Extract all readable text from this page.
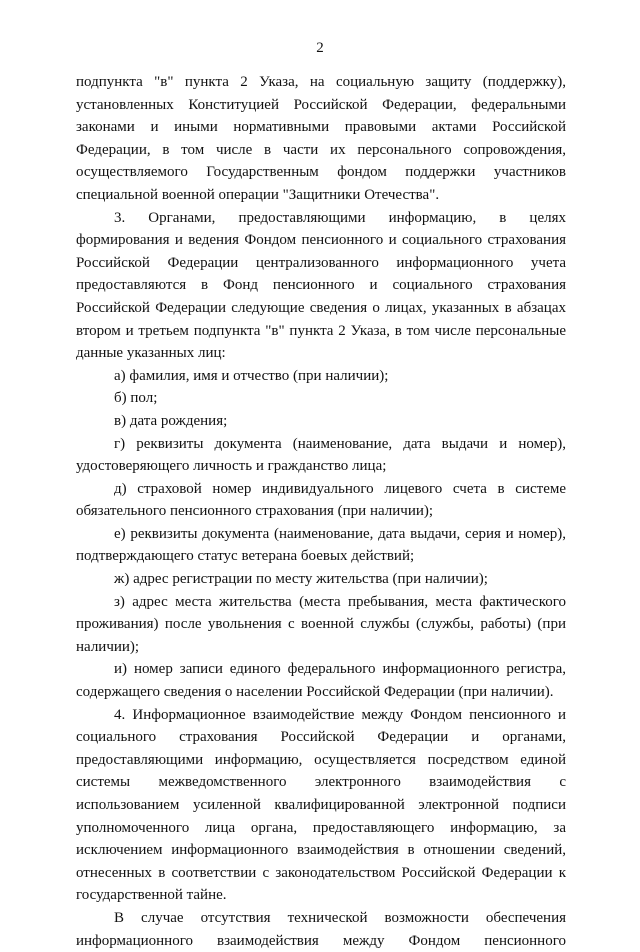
2

подпункта "в" пункта 2 Указа, на социальную защиту (поддержку), установленных Конституцией Российской Федерации, федеральными законами и иными нормативными правовыми актами Российской Федерации, в том числе в части их персонального сопровождения, осуществляемого Государственным фондом поддержки участников специальной военной операции "Защитники Отечества".

3. Органами, предоставляющими информацию, в целях формирования и ведения Фондом пенсионного и социального страхования Российской Федерации централизованного информационного учета предоставляются в Фонд пенсионного и социального страхования Российской Федерации следующие сведения о лицах, указанных в абзацах втором и третьем подпункта "в" пункта 2 Указа, в том числе персональные данные указанных лиц:

а) фамилия, имя и отчество (при наличии);

б) пол;

в) дата рождения;

г) реквизиты документа (наименование, дата выдачи и номер), удостоверяющего личность и гражданство лица;

д) страховой номер индивидуального лицевого счета в системе обязательного пенсионного страхования (при наличии);

е) реквизиты документа (наименование, дата выдачи, серия и номер), подтверждающего статус ветерана боевых действий;

ж) адрес регистрации по месту жительства (при наличии);

з) адрес места жительства (места пребывания, места фактического проживания) после увольнения с военной службы (службы, работы) (при наличии);

и) номер записи единого федерального информационного регистра, содержащего сведения о населении Российской Федерации (при наличии).

4. Информационное взаимодействие между Фондом пенсионного и социального страхования Российской Федерации и органами, предоставляющими информацию, осуществляется посредством единой системы межведомственного электронного взаимодействия с использованием усиленной квалифицированной электронной подписи уполномоченного лица органа, предоставляющего информацию, за исключением информационного взаимодействия в отношении сведений, отнесенных в соответствии с законодательством Российской Федерации к государственной тайне.

В случае отсутствия технической возможности обеспечения информационного взаимодействия между Фондом пенсионного
